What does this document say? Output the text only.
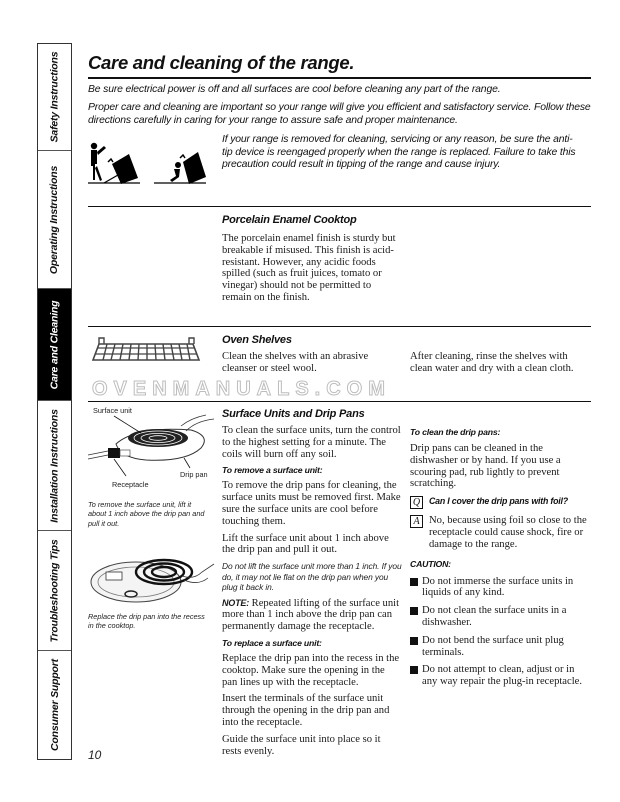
Safety Instructions
Operating Instructions
Care and Cleaning
Installation Instructions
Troubleshooting Tips
Consumer Support
Care and cleaning of the range.

Be sure electrical power is off and all surfaces are cool before cleaning any part of the range.

Proper care and cleaning are important so your range will give you efficient and satisfactory service. Follow these directions carefully in caring for your range to assure safe and proper maintenance.

If your range is removed for cleaning, servicing or any reason, be sure the anti-tip device is reengaged properly when the range is replaced. Failure to take this precaution could result in tipping of the range and cause injury.

Porcelain Enamel Cooktop

The porcelain enamel finish is sturdy but breakable if misused. This finish is acid-resistant. However, any acidic foods spilled (such as fruit juices, tomato or vinegar) should not be permitted to remain on the finish.

Oven Shelves

Clean the shelves with an abrasive cleanser or steel wool.

After cleaning, rinse the shelves with clean water and dry with a clean cloth.

OVENMANUALS.COM
Surface unit
Drip pan
Receptacle

To remove the surface unit, lift it about 1 inch above the drip pan and pull it out.

Replace the drip pan into the recess in the cooktop.

Surface Units and Drip Pans

To clean the surface units, turn the control to the highest setting for a minute. The coils will burn off any soil.

To remove a surface unit:

To remove the drip pans for cleaning, the surface units must be removed first. Make sure the surface units are cool before touching them.

Lift the surface unit about 1 inch above the drip pan and pull it out.

Do not lift the surface unit more than 1 inch. If you do, it may not lie flat on the drip pan when you plug it back in.

NOTE: Repeated lifting of the surface unit more than 1 inch above the drip pan can permanently damage the receptacle.

To replace a surface unit:

Replace the drip pan into the recess in the cooktop. Make sure the opening in the pan lines up with the receptacle.

Insert the terminals of the surface unit through the opening in the drip pan and into the receptacle.

Guide the surface unit into place so it rests evenly.

To clean the drip pans:

Drip pans can be cleaned in the dishwasher or by hand. If you use a scouring pad, rub lightly to prevent scratching.

Q	Can I cover the drip pans with foil?
A No, because using foil so close to the receptacle could cause shock, fire or damage to the range.

CAUTION:

Do not immerse the surface units in liquids of any kind.
Do not clean the surface units in a dishwasher.
Do not bend the surface unit plug terminals.
Do not attempt to clean, adjust or in any way repair the plug-in receptacle.
10
